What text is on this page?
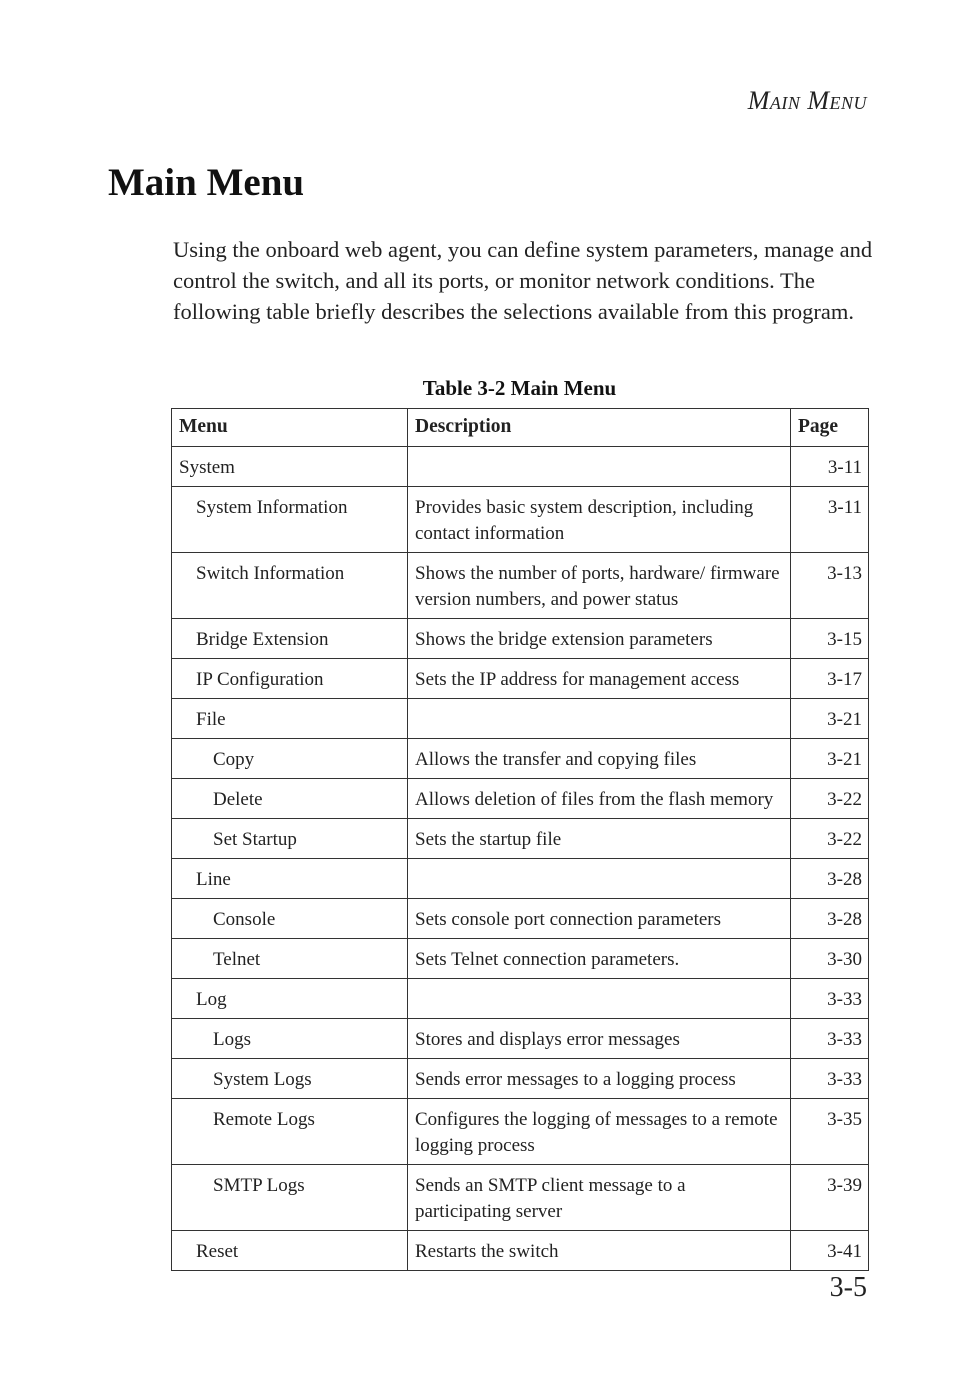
Main Menu
Main Menu

Using the onboard web agent, you can define system parameters, manage and control the switch, and all its ports, or monitor network conditions. The following table briefly describes the selections available from this program.

Table 3-2 Main Menu
Menu	Description	Page
System		3-11
System Information	Provides basic system description, including contact information	3-11
Switch Information	Shows the number of ports, hardware/ firmware version numbers, and power status	3-13
Bridge Extension	Shows the bridge extension parameters	3-15
IP Configuration	Sets the IP address for management access	3-17
File		3-21
Copy	Allows the transfer and copying files	3-21
Delete	Allows deletion of files from the flash memory	3-22
Set Startup	Sets the startup file	3-22
Line		3-28
Console	Sets console port connection parameters	3-28
Telnet	Sets Telnet connection parameters.	3-30
Log		3-33
Logs	Stores and displays error messages	3-33
System Logs	Sends error messages to a logging process	3-33
Remote Logs	Configures the logging of messages to a remote logging process	3-35
SMTP Logs	Sends an SMTP client message to a participating server	3-39
Reset	Restarts the switch	3-41
3-5
